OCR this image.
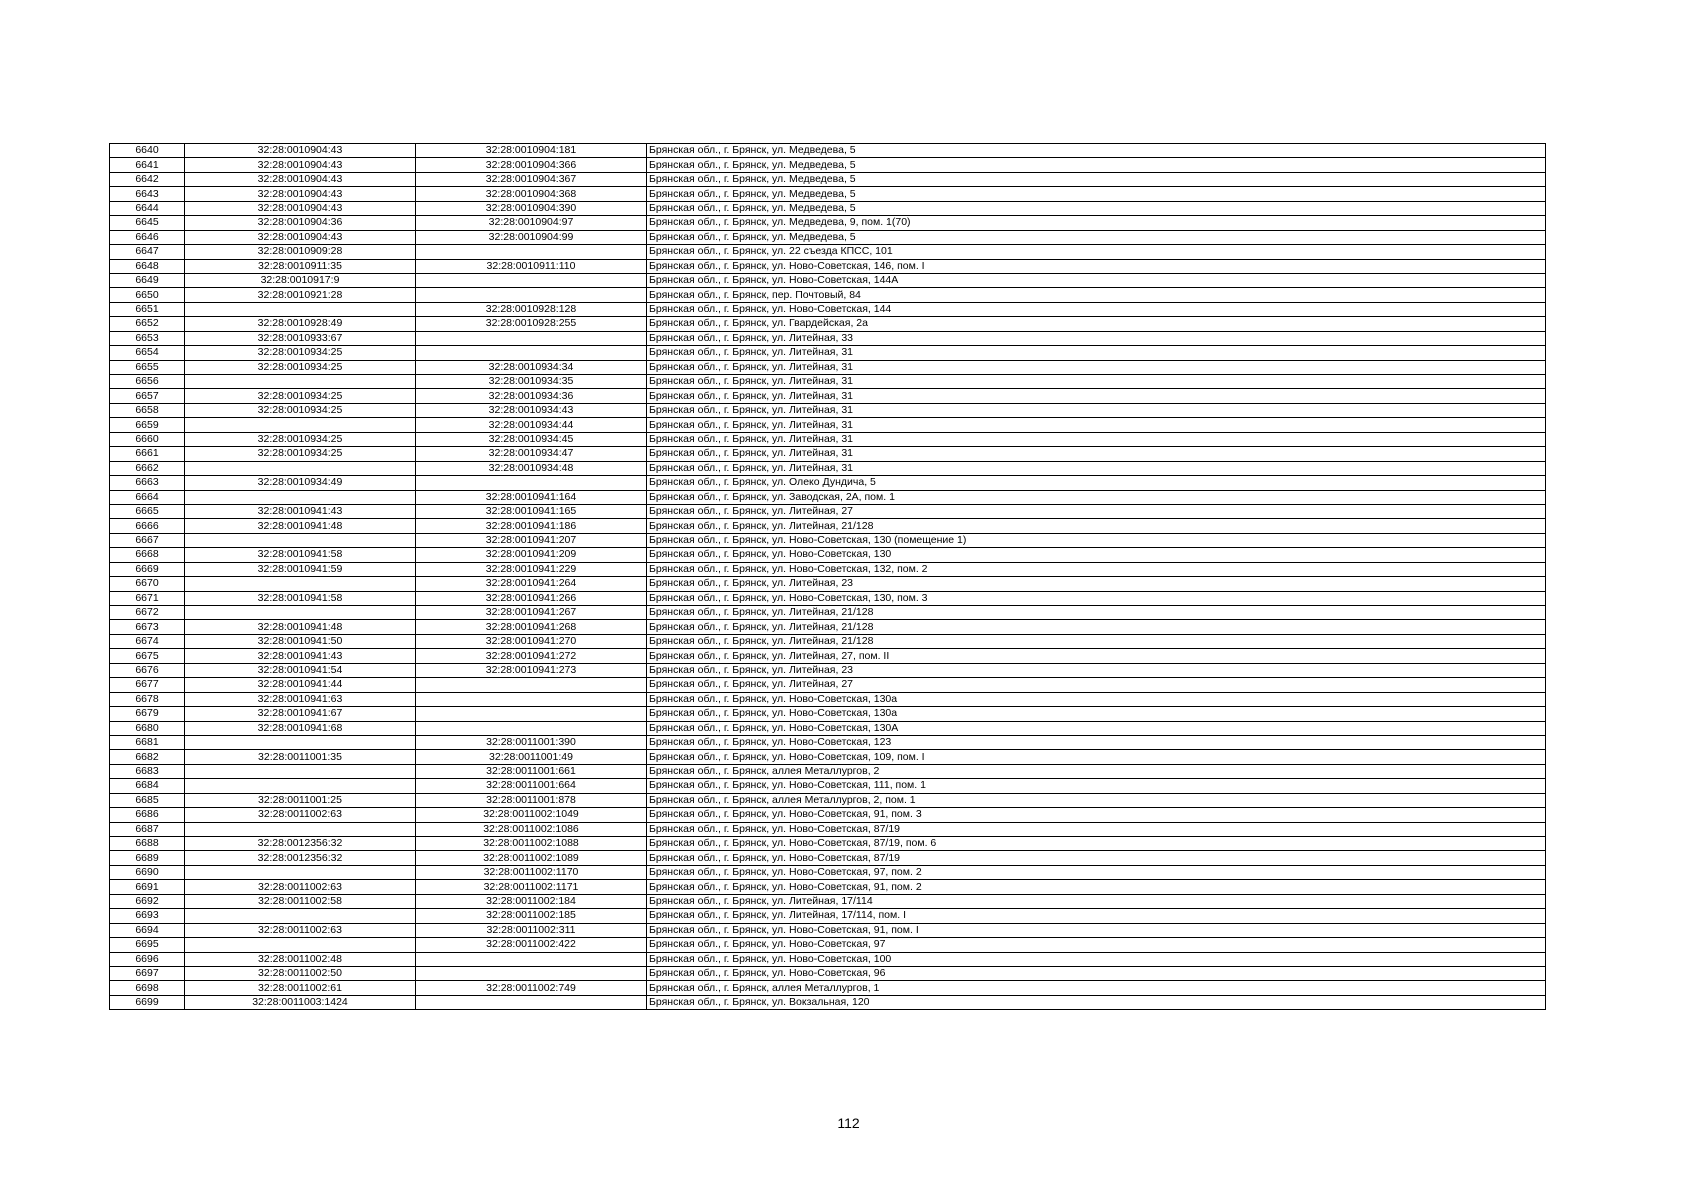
6640	32:28:0010904:43	32:28:0010904:181	Брянская обл., г. Брянск, ул. Медведева, 5
6641	32:28:0010904:43	32:28:0010904:366	Брянская обл., г. Брянск, ул. Медведева, 5
6642	32:28:0010904:43	32:28:0010904:367	Брянская обл., г. Брянск, ул. Медведева, 5
6643	32:28:0010904:43	32:28:0010904:368	Брянская обл., г. Брянск, ул. Медведева, 5
6644	32:28:0010904:43	32:28:0010904:390	Брянская обл., г. Брянск, ул. Медведева, 5
6645	32:28:0010904:36	32:28:0010904:97	Брянская обл., г. Брянск, ул. Медведева, 9, пом. 1(70)
6646	32:28:0010904:43	32:28:0010904:99	Брянская обл., г. Брянск, ул. Медведева, 5
6647	32:28:0010909:28		Брянская обл., г. Брянск, ул. 22 съезда КПСС, 101
6648	32:28:0010911:35	32:28:0010911:110	Брянская обл., г. Брянск, ул. Ново-Советская, 146, пом. I
6649	32:28:0010917:9		Брянская обл., г. Брянск, ул. Ново-Советская, 144А
6650	32:28:0010921:28		Брянская обл., г. Брянск, пер. Почтовый, 84
6651		32:28:0010928:128	Брянская обл., г. Брянск, ул. Ново-Советская, 144
6652	32:28:0010928:49	32:28:0010928:255	Брянская обл., г. Брянск, ул. Гвардейская, 2а
6653	32:28:0010933:67		Брянская обл., г. Брянск, ул. Литейная, 33
6654	32:28:0010934:25		Брянская обл., г. Брянск, ул. Литейная, 31
6655	32:28:0010934:25	32:28:0010934:34	Брянская обл., г. Брянск, ул. Литейная, 31
6656		32:28:0010934:35	Брянская обл., г. Брянск, ул. Литейная, 31
6657	32:28:0010934:25	32:28:0010934:36	Брянская обл., г. Брянск, ул. Литейная, 31
6658	32:28:0010934:25	32:28:0010934:43	Брянская обл., г. Брянск, ул. Литейная, 31
6659		32:28:0010934:44	Брянская обл., г. Брянск, ул. Литейная, 31
6660	32:28:0010934:25	32:28:0010934:45	Брянская обл., г. Брянск, ул. Литейная, 31
6661	32:28:0010934:25	32:28:0010934:47	Брянская обл., г. Брянск, ул. Литейная, 31
6662		32:28:0010934:48	Брянская обл., г. Брянск, ул. Литейная, 31
6663	32:28:0010934:49		Брянская обл., г. Брянск, ул. Олеко Дундича, 5
6664		32:28:0010941:164	Брянская обл., г. Брянск, ул. Заводская, 2А, пом. 1
6665	32:28:0010941:43	32:28:0010941:165	Брянская обл., г. Брянск, ул. Литейная, 27
6666	32:28:0010941:48	32:28:0010941:186	Брянская обл., г. Брянск, ул. Литейная, 21/128
6667		32:28:0010941:207	Брянская обл., г. Брянск, ул. Ново-Советская, 130 (помещение 1)
6668	32:28:0010941:58	32:28:0010941:209	Брянская обл., г. Брянск, ул. Ново-Советская, 130
6669	32:28:0010941:59	32:28:0010941:229	Брянская обл., г. Брянск, ул. Ново-Советская, 132, пом. 2
6670		32:28:0010941:264	Брянская обл., г. Брянск, ул. Литейная, 23
6671	32:28:0010941:58	32:28:0010941:266	Брянская обл., г. Брянск, ул. Ново-Советская, 130, пом. 3
6672		32:28:0010941:267	Брянская обл., г. Брянск, ул. Литейная, 21/128
6673	32:28:0010941:48	32:28:0010941:268	Брянская обл., г. Брянск, ул. Литейная, 21/128
6674	32:28:0010941:50	32:28:0010941:270	Брянская обл., г. Брянск, ул. Литейная, 21/128
6675	32:28:0010941:43	32:28:0010941:272	Брянская обл., г. Брянск, ул. Литейная, 27, пом. II
6676	32:28:0010941:54	32:28:0010941:273	Брянская обл., г. Брянск, ул. Литейная, 23
6677	32:28:0010941:44		Брянская обл., г. Брянск, ул. Литейная, 27
6678	32:28:0010941:63		Брянская обл., г. Брянск, ул. Ново-Советская, 130а
6679	32:28:0010941:67		Брянская обл., г. Брянск, ул. Ново-Советская, 130а
6680	32:28:0010941:68		Брянская обл., г. Брянск, ул. Ново-Советская, 130А
6681		32:28:0011001:390	Брянская обл., г. Брянск, ул. Ново-Советская, 123
6682	32:28:0011001:35	32:28:0011001:49	Брянская обл., г. Брянск, ул. Ново-Советская, 109, пом. I
6683		32:28:0011001:661	Брянская обл., г. Брянск, аллея Металлургов, 2
6684		32:28:0011001:664	Брянская обл., г. Брянск, ул. Ново-Советская, 111, пом. 1
6685	32:28:0011001:25	32:28:0011001:878	Брянская обл., г. Брянск, аллея Металлургов, 2, пом. 1
6686	32:28:0011002:63	32:28:0011002:1049	Брянская обл., г. Брянск, ул. Ново-Советская, 91, пом. 3
6687		32:28:0011002:1086	Брянская обл., г. Брянск, ул. Ново-Советская, 87/19
6688	32:28:0012356:32	32:28:0011002:1088	Брянская обл., г. Брянск, ул. Ново-Советская, 87/19, пом. 6
6689	32:28:0012356:32	32:28:0011002:1089	Брянская обл., г. Брянск, ул. Ново-Советская, 87/19
6690		32:28:0011002:1170	Брянская обл., г. Брянск, ул. Ново-Советская, 97, пом. 2
6691	32:28:0011002:63	32:28:0011002:1171	Брянская обл., г. Брянск, ул. Ново-Советская, 91, пом. 2
6692	32:28:0011002:58	32:28:0011002:184	Брянская обл., г. Брянск, ул. Литейная, 17/114
6693		32:28:0011002:185	Брянская обл., г. Брянск, ул. Литейная, 17/114, пом. I
6694	32:28:0011002:63	32:28:0011002:311	Брянская обл., г. Брянск, ул. Ново-Советская, 91, пом. I
6695		32:28:0011002:422	Брянская обл., г. Брянск, ул. Ново-Советская, 97
6696	32:28:0011002:48		Брянская обл., г. Брянск, ул. Ново-Советская, 100
6697	32:28:0011002:50		Брянская обл., г. Брянск, ул. Ново-Советская, 96
6698	32:28:0011002:61	32:28:0011002:749	Брянская обл., г. Брянск, аллея Металлургов, 1
6699	32:28:0011003:1424		Брянская обл., г. Брянск, ул. Вокзальная, 120
112
